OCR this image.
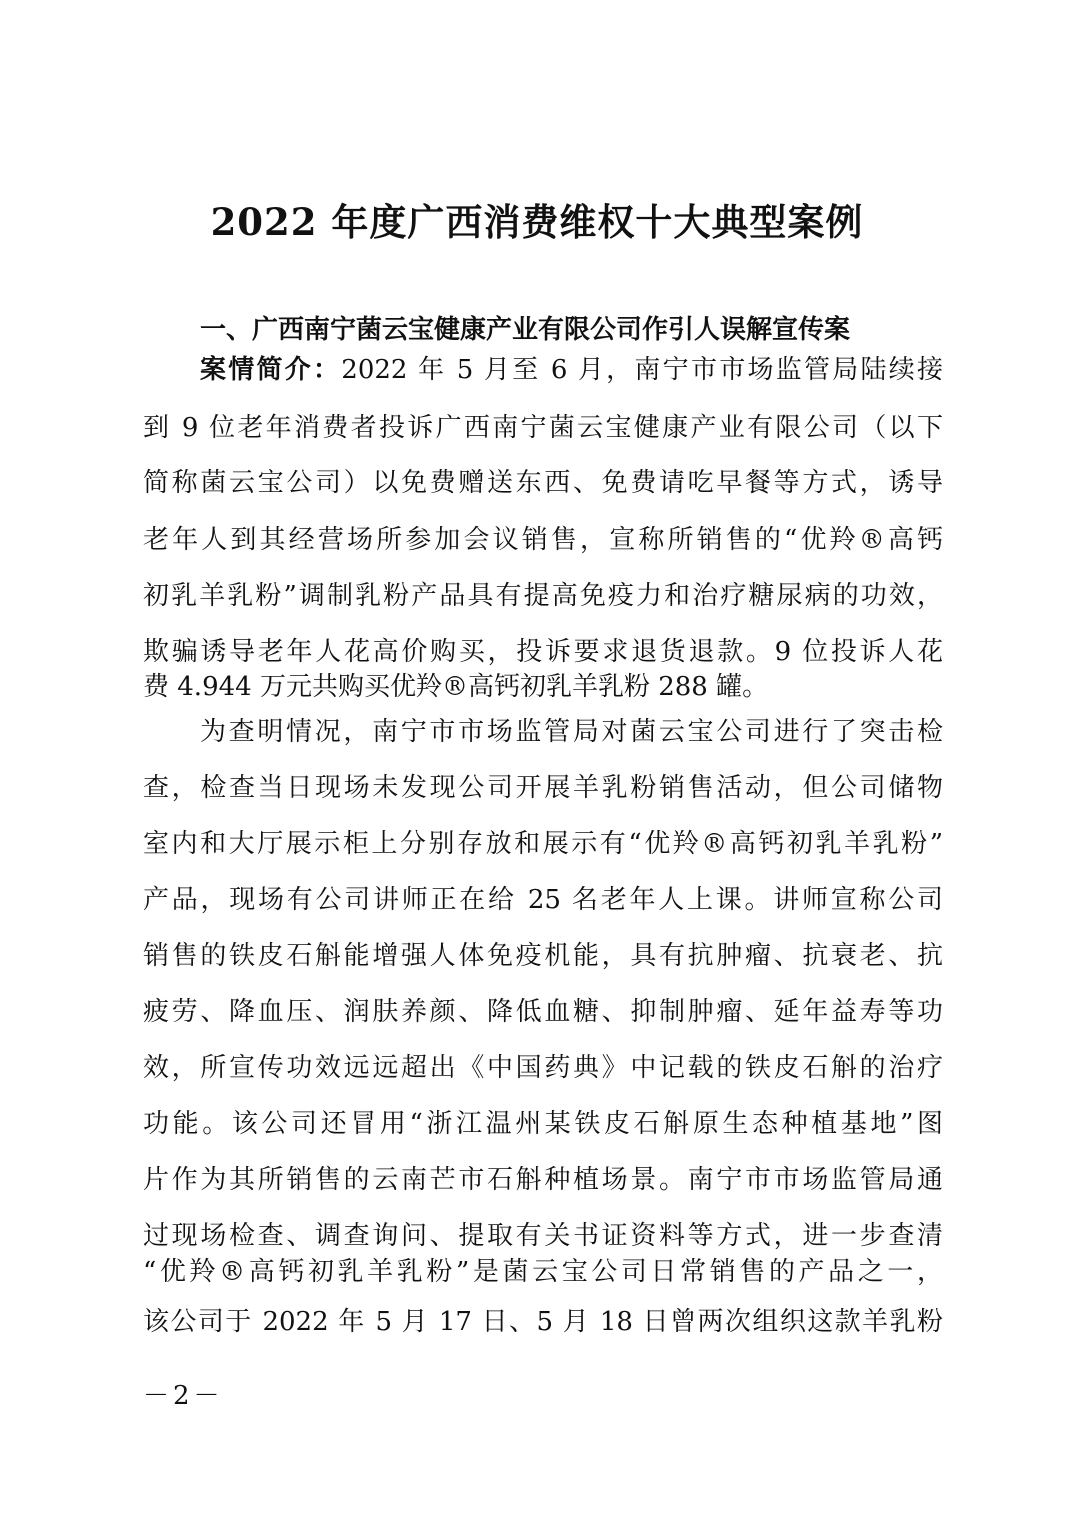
2022 年度广西消费维权十大典型案例
一、广西南宁菌云宝健康产业有限公司作引人误解宣传案
案情简介：2022 年 5 月至 6 月，南宁市市场监管局陆续接
到 9 位老年消费者投诉广西南宁菌云宝健康产业有限公司（以下
简称菌云宝公司）以免费赠送东西、免费请吃早餐等方式，诱导
老年人到其经营场所参加会议销售，宣称所销售的“优羚®高钙
初乳羊乳粉”调制乳粉产品具有提高免疫力和治疗糖尿病的功效，
欺骗诱导老年人花高价购买，投诉要求退货退款。9 位投诉人花
费 4.944 万元共购买优羚®高钙初乳羊乳粉 288 罐。
为查明情况，南宁市市场监管局对菌云宝公司进行了突击检
查，检查当日现场未发现公司开展羊乳粉销售活动，但公司储物
室内和大厅展示柜上分别存放和展示有“优羚®高钙初乳羊乳粉”
产品，现场有公司讲师正在给 25 名老年人上课。讲师宣称公司
销售的铁皮石斛能增强人体免疫机能，具有抗肿瘤、抗衰老、抗
疲劳、降血压、润肤养颜、降低血糖、抑制肿瘤、延年益寿等功
效，所宣传功效远远超出《中国药典》中记载的铁皮石斛的治疗
功能。该公司还冒用“浙江温州某铁皮石斛原生态种植基地”图
片作为其所销售的云南芒市石斛种植场景。南宁市市场监管局通
过现场检查、调查询问、提取有关书证资料等方式，进一步查清
“优羚®高钙初乳羊乳粉”是菌云宝公司日常销售的产品之一，
该公司于 2022 年 5 月 17 日、5 月 18 日曾两次组织这款羊乳粉
－2－
